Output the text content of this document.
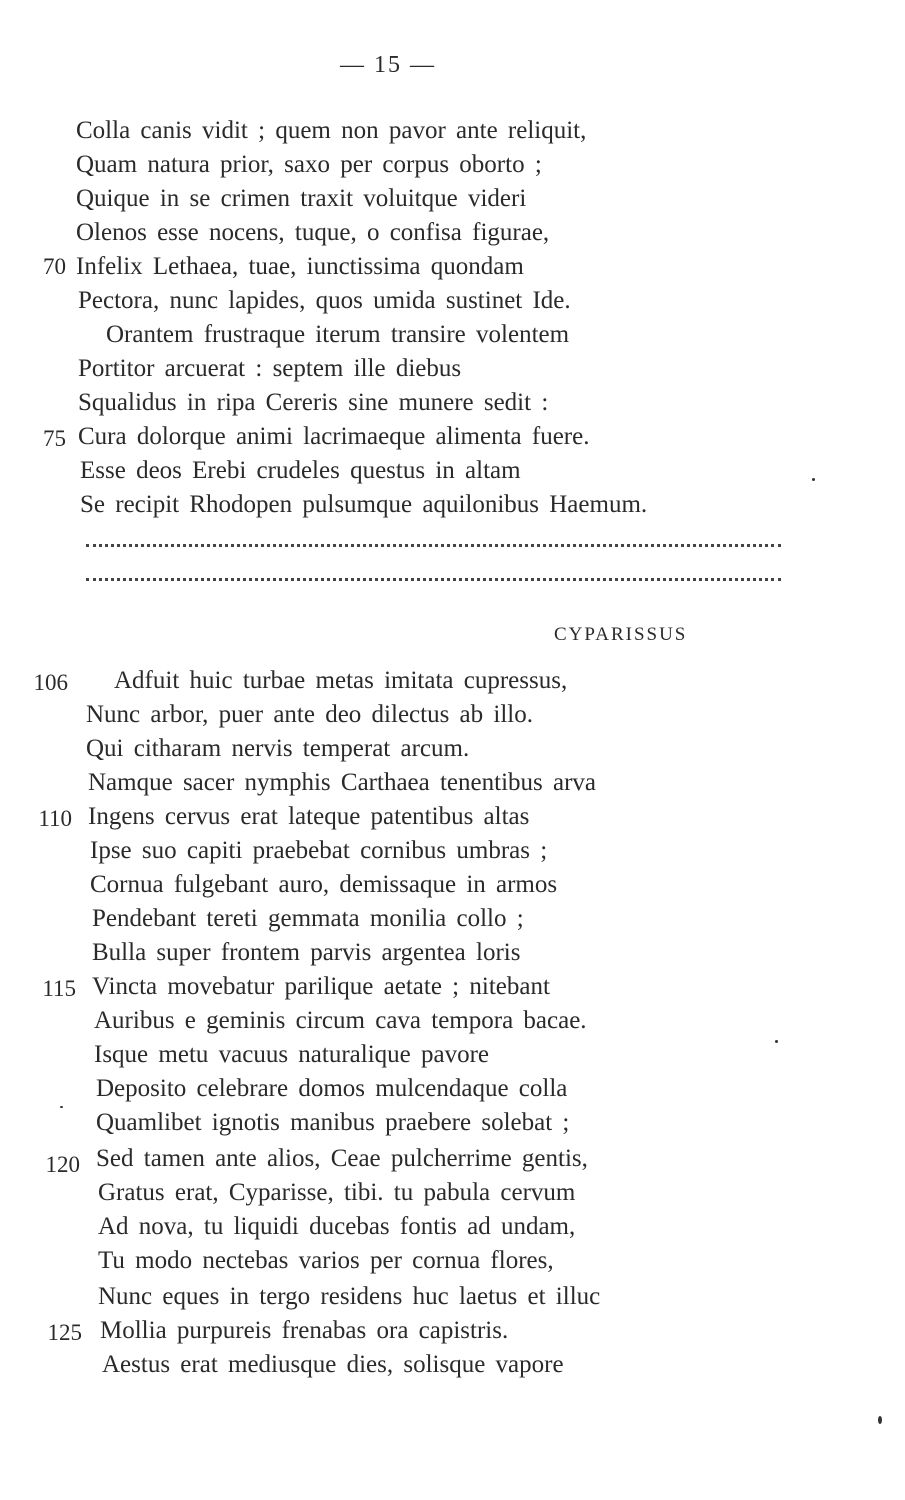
— 15 —
Colla canis vidit ; quem non pavor ante reliquit,
Quam natura prior, saxo per corpus oborto ;
Quique in se crimen traxit voluitque videri
Olenos esse nocens, tuque, o confisa figurae,
70 Infelix Lethaea, tuae, iunctissima quondam
Pectora, nunc lapides, quos umida sustinet Ide.
Orantem frustraque iterum transire volentem
Portitor arcuerat : septem ille diebus
Squalidus in ripa Cereris sine munere sedit :
75 Cura dolorque animi lacrimaeque alimenta fuere.
Esse deos Erebi crudeles questus in altam
Se recipit Rhodopen pulsumque aquilonibus Haemum.
CYPARISSUS
106 Adfuit huic turbae metas imitata cupressus,
Nunc arbor, puer ante deo dilectus ab illo.
Qui citharam nervis temperat arcum.
Namque sacer nymphis Carthaea tenentibus arva
110 Ingens cervus erat lateque patentibus altas
Ipse suo capiti praebebat cornibus umbras ;
Cornua fulgebant auro, demissaque in armos
Pendebant tereti gemmata monilia collo ;
Bulla super frontem parvis argentea loris
115 Vincta movebatur parilique aetate ; nitebant
Auribus e geminis circum cava tempora bacae.
Isque metu vacuus naturalique pavore
Deposito celebrare domos mulcendaque colla
Quamlibet ignotis manibus praebere solebat ;
120 Sed tamen ante alios, Ceae pulcherrime gentis,
Gratus erat, Cyparisse, tibi. tu pabula cervum
Ad nova, tu liquidi ducebas fontis ad undam,
Tu modo nectebas varios per cornua flores,
Nunc eques in tergo residens huc laetus et illuc
125 Mollia purpureis frenabas ora capistris.
Aestus erat mediusque dies, solisque vapore
